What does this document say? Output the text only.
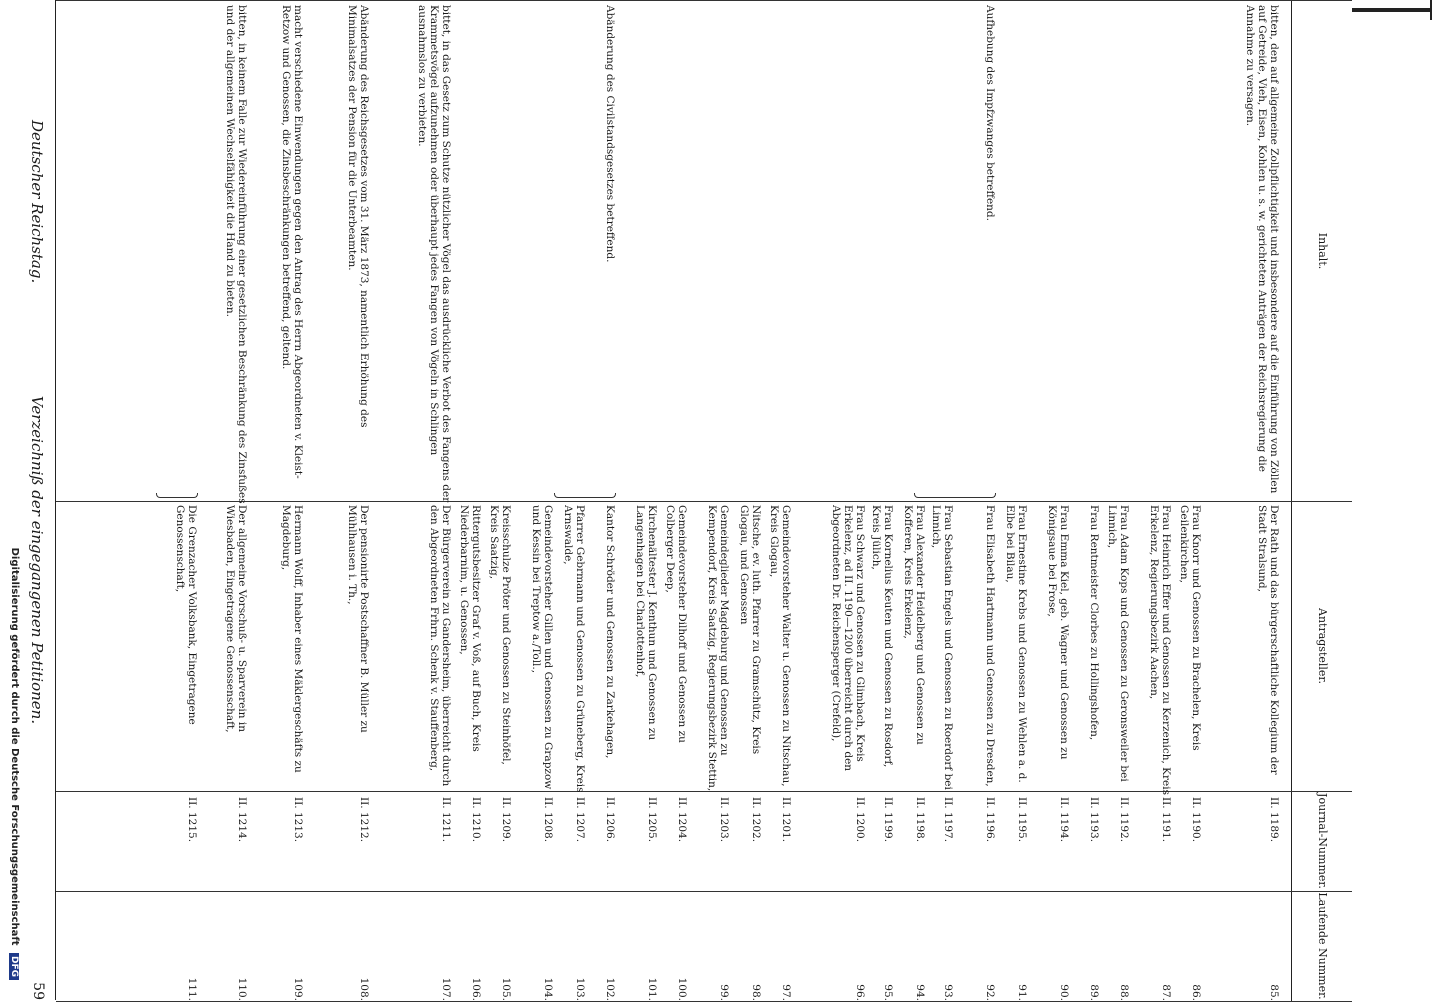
Inhalt.
Antragsteller.
Journal-Nummer.
Laufende Nummer.
bitten, den auf allgemeine Zollpflichtigkeit und insbesondere auf die Einführung von Zöllen auf Getreide, Vieh, Eisen, Kohlen u. s. w. gerichteten Anträgen der Reichsregierung die Annahme zu versagen.
Der Rath und das bürgerschaftliche Kollegium der Stadt Stralsund,
II. 1189.
85.
Frau Knorr und Genossen zu Brachelen, Kreis Geilenkirchen,
II. 1190.
86.
Frau Heinrich Effer und Genossen zu Kerzenich, Kreis Erkelenz, Regierungsbezirk Aachen,
II. 1191.
87.
Frau Adam Kops und Genossen zu Geronsweiler bei Linnich,
II. 1192.
88.
Frau Rentmeister Clorbes zu Hollingshofen,
II. 1193.
89.
Frau Emma Kiel, geb. Wagner und Genossen zu Königsaue bei Frose,
II. 1194.
90.
Frau Ernestine Krebs und Genossen zu Wehlen a. d. Elbe bei Bilau,
II. 1195.
91.
Aufhebung des Impfzwanges betreffend.
Frau Elisabeth Hartmann und Genossen zu Dresden,
II. 1196.
92.
Frau Sebastian Engels und Genossen zu Roerdorf bei Linnich,
II. 1197.
93.
Frau Alexander Heidelberg und Genossen zu Kofferen, Kreis Erkelenz,
II. 1198.
94.
Frau Kornelius Keuten und Genossen zu Rosdorf, Kreis Jülich,
II. 1199.
95.
Frau Schwarz und Genossen zu Glimbach, Kreis Erkelenz, ad II. 1190—1200 überreicht durch den Abgeordneten Dr. Reichensperger (Crefeld),
II. 1200.
96.
Gemeindevorsteher Walter u. Genossen zu Nitschau, Kreis Glogau,
II. 1201.
97.
Nitsche, ev. luth. Pfarrer zu Gramschütz, Kreis Glogau, und Genossen
II. 1202.
98.
Gemeindeglieder Magdeburg und Genossen zu Kempendorf, Kreis Saatzig, Regierungsbezirk Stettin,
II. 1203.
99.
Gemeindevorsteher Dilhoff und Genossen zu Colberger Deep,
II. 1204.
100.
Kirchenältester J. Kenthun und Genossen zu Langenhagen bei Charlottenhof,
II. 1205.
101.
Abänderung des Civilstandsgesetzes betreffend.
Kantor Schröder und Genossen zu Zarkehagen,
II. 1206.
102.
Pfarrer Gebrmann und Genossen zu Grüneberg, Kreis Arnswalde,
II. 1207.
103.
Gemeindevorsteher Gillen und Genossen zu Grapzow und Kessin bei Treptow a./Toll.,
II. 1208.
104.
Kreisschulze Pröter und Genossen zu Steinhöfel, Kreis Saatzig,
II. 1209.
105.
Rittergutsbesitzer Graf v. Voß, auf Buch, Kreis Niederbarnim, u. Genossen,
II. 1210.
106.
bittet, in das Gesetz zum Schutze nützlicher Vögel das ausdrückliche Verbot des Fangens der Krammetsvögel aufzunehmen oder überhaupt jedes Fangen von Vögeln in Schlingen ausnahmslos zu verbieten.
Der Bürgerverein zu Gandersheim, überreicht durch den Abgeordneten Frhrn. Schenk v. Stauffenberg,
II. 1211.
107.
Abänderung des Reichsgesetzes vom 31. März 1873, namentlich Erhöhung des Minimalsatzes der Pension für die Unterbeamten.
Der pensionirte Postschaffner B. Müller zu Mühlhausen i. Th.,
II. 1212.
108.
macht verschiedene Einwendungen gegen den Antrag des Herrn Abgeordneten v. Kleist-Retzow und Genossen, die Zinsbeschränkungen betreffend, geltend.
Hermann Wolff, Inhaber eines Mäklergeschäfts zu Magdeburg,
II. 1213.
109.
bitten, in keinem Falle zur Wiedereinführung einer gesetzlichen Beschränkung des Zinsfußes und der allgemeinen Wechselfähigkeit die Hand zu bieten.
Der allgemeine Vorschuß- u. Sparverein in Wiesbaden, Eingetragene Genossenschaft,
II. 1214.
110.
Die Grenzacher Volksbank, Eingetragene Genossenschaft,
II. 1215.
111.
Deutscher Reichstag.
Verzeichniß der eingegangenen Petitionen.
59
Digitalisierung gefördert durch die Deutsche Forschungsgemeinschaft DFG
